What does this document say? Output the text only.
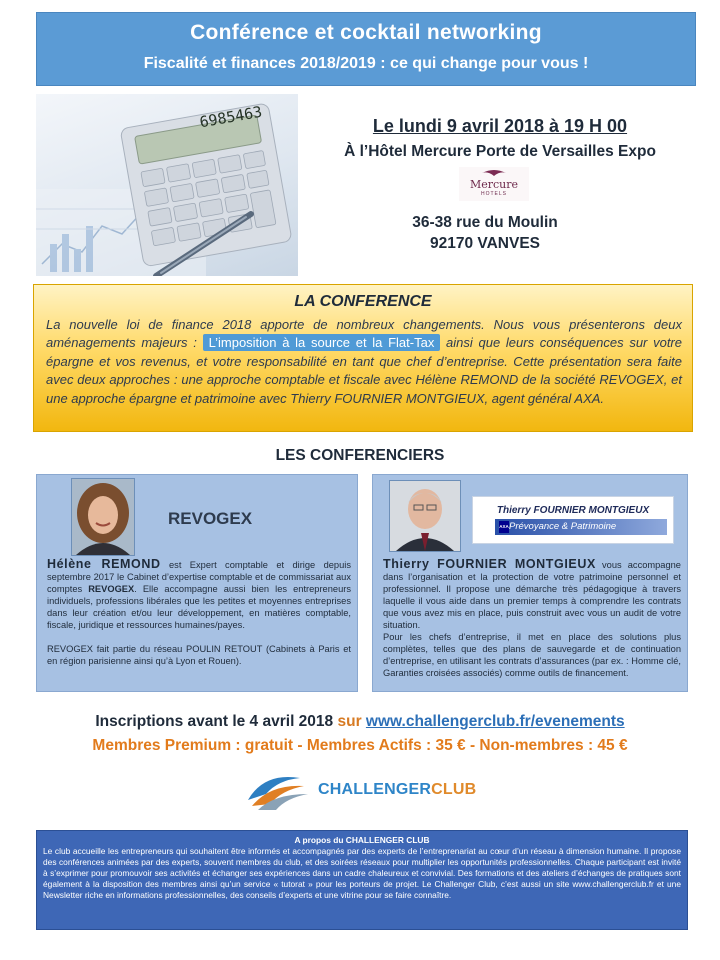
Conférence et cocktail networking
Fiscalité et finances 2018/2019 : ce qui change pour vous !
6985463	Le lundi 9 avril 2018 à 19 H 00
À l’Hôtel Mercure Porte de Versailles Expo
Mercure
HOTELS
36-38 rue du Moulin
92170 VANVES
LA CONFERENCE
La nouvelle loi de finance 2018 apporte de nombreux changements. Nous vous présenterons deux aménagements majeurs : L’imposition à la source et la Flat-Tax ainsi que leurs conséquences sur votre épargne et vos revenus, et votre responsabilité en tant que chef d’entreprise. Cette présentation sera faite avec deux approches : une approche comptable et fiscale avec Hélène REMOND de la société REVOGEX, et une approche épargne et patrimoine avec Thierry FOURNIER MONTGIEUX, agent général AXA.
LES CONFERENCIERS
REVOGEX
Hélène REMOND est Expert comptable et dirige depuis septembre 2017 le Cabinet d’expertise comptable et de commissariat aux comptes REVOGEX. Elle accompagne aussi bien les entrepreneurs individuels, professions libérales que les petites et moyennes entreprises dans leur création et/ou leur développement, en matières comptable, fiscale, juridique et ressources humaines/payes.
REVOGEX fait partie du réseau POULIN RETOUT (Cabinets à Paris et en région parisienne ainsi qu’à Lyon et Rouen).
Thierry FOURNIER MONTGIEUX
Prévoyance & Patrimoine
AXA
Thierry FOURNIER MONTGIEUX vous accompagne dans l’organisation et la protection de votre patrimoine personnel et professionnel. Il propose une démarche très pédagogique à travers laquelle il vous aide dans un premier temps à comprendre les contrats que vous avez mis en place, puis construit avec vous un audit de votre situation.
Pour les chefs d’entreprise, il met en place des solutions plus complètes, telles que des plans de sauvegarde et de continuation d’entreprise, en utilisant les contrats d’assurances (par ex. : Homme clé, Garanties croisées associés) comme outils de financement.
Inscriptions avant le 4 avril 2018 sur www.challengerclub.fr/evenements
Membres Premium : gratuit - Membres Actifs : 35 € - Non-membres : 45 €
CHALLENGERCLUB
A propos du CHALLENGER CLUB
Le club accueille les entrepreneurs qui souhaitent être informés et accompagnés par des experts de l’entreprenariat au cœur d’un réseau à dimension humaine. Il propose des conférences animées par des experts, souvent membres du club, et des soirées réseaux pour multiplier les opportunités professionnelles. Chaque participant est invité à s’exprimer pour promouvoir ses activités et échanger ses expériences dans un cadre chaleureux et convivial. Des formations et des ateliers d’échanges de pratiques sont également à la disposition des membres ainsi qu’un service « tutorat » pour les porteurs de projet. Le Challenger Club, c’est aussi un site www.challengerclub.fr et une Newsletter riche en informations professionnelles, des conseils d’experts et une vitrine pour se faire connaître.
